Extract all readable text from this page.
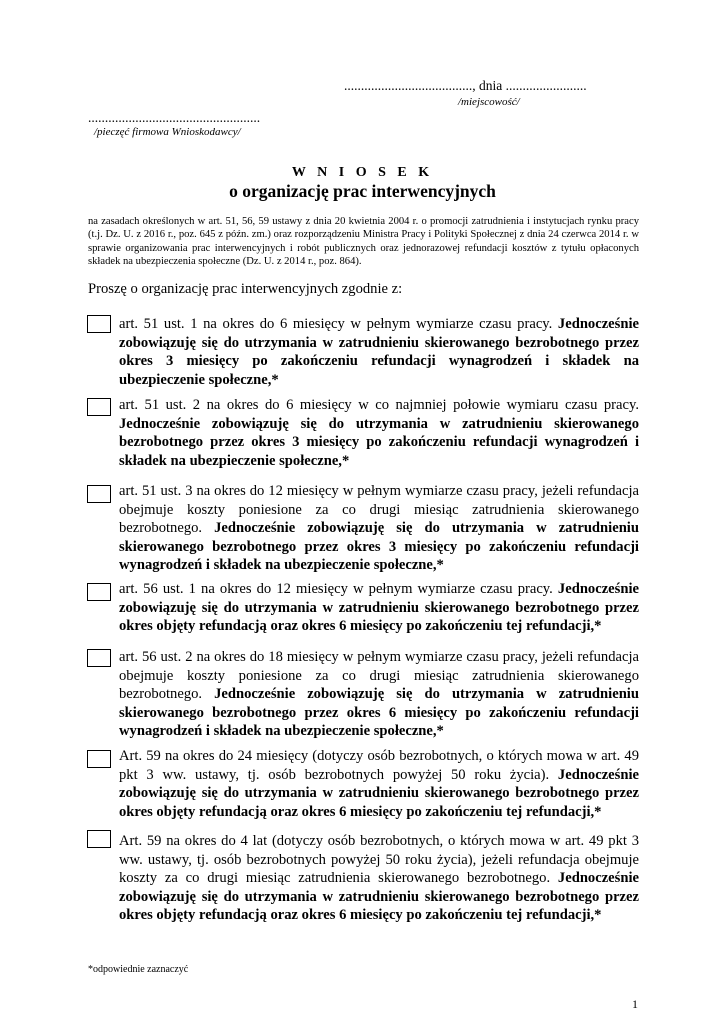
......................................, dnia ........................
/miejscowość/
...................................................
/pieczęć firmowa Wnioskodawcy/
W N I O S E K
o organizację prac interwencyjnych
na zasadach określonych w art. 51, 56, 59 ustawy z dnia 20 kwietnia 2004 r. o promocji zatrudnienia i instytucjach rynku pracy (t.j. Dz. U. z 2016 r., poz. 645 z późn. zm.) oraz rozporządzeniu Ministra Pracy i Polityki Społecznej z dnia 24 czerwca 2014 r. w sprawie organizowania prac interwencyjnych i robót publicznych oraz jednorazowej refundacji kosztów z tytułu opłaconych składek na ubezpieczenia społeczne (Dz. U. z 2014 r., poz. 864).
Proszę o organizację prac interwencyjnych zgodnie z:
art. 51 ust. 1 na okres do 6 miesięcy w pełnym wymiarze czasu pracy. Jednocześnie zobowiązuję się do utrzymania w zatrudnieniu skierowanego bezrobotnego przez okres 3 miesięcy po zakończeniu refundacji wynagrodzeń i składek na ubezpieczenie społeczne,*
art. 51 ust. 2 na okres do 6 miesięcy w co najmniej połowie wymiaru czasu pracy. Jednocześnie zobowiązuję się do utrzymania w zatrudnieniu skierowanego bezrobotnego przez okres 3 miesięcy po zakończeniu refundacji wynagrodzeń i składek na ubezpieczenie społeczne,*
art. 51 ust. 3 na okres do 12 miesięcy w pełnym wymiarze czasu pracy, jeżeli refundacja obejmuje koszty poniesione za co drugi miesiąc zatrudnienia skierowanego bezrobotnego. Jednocześnie zobowiązuję się do utrzymania w zatrudnieniu skierowanego bezrobotnego przez okres 3 miesięcy po zakończeniu refundacji wynagrodzeń i składek na ubezpieczenie społeczne,*
art. 56 ust. 1 na okres do 12 miesięcy w pełnym wymiarze czasu pracy. Jednocześnie zobowiązuję się do utrzymania w zatrudnieniu skierowanego bezrobotnego przez okres objęty refundacją oraz okres 6 miesięcy po zakończeniu tej refundacji,*
art. 56 ust. 2 na okres do 18 miesięcy w pełnym wymiarze czasu pracy, jeżeli refundacja obejmuje koszty poniesione za co drugi miesiąc zatrudnienia skierowanego bezrobotnego. Jednocześnie zobowiązuję się do utrzymania w zatrudnieniu skierowanego bezrobotnego przez okres 6 miesięcy po zakończeniu refundacji wynagrodzeń i składek na ubezpieczenie społeczne,*
Art. 59 na okres do 24 miesięcy (dotyczy osób bezrobotnych, o których mowa w art. 49 pkt 3 ww. ustawy, tj. osób bezrobotnych powyżej 50 roku życia). Jednocześnie zobowiązuję się do utrzymania w zatrudnieniu skierowanego bezrobotnego przez okres objęty refundacją oraz okres 6 miesięcy po zakończeniu tej refundacji,*
Art. 59 na okres do 4 lat (dotyczy osób bezrobotnych, o których mowa w art. 49 pkt 3 ww. ustawy, tj. osób bezrobotnych powyżej 50 roku życia), jeżeli refundacja obejmuje koszty za co drugi miesiąc zatrudnienia skierowanego bezrobotnego. Jednocześnie zobowiązuję się do utrzymania w zatrudnieniu skierowanego bezrobotnego przez okres objęty refundacją oraz okres 6 miesięcy po zakończeniu tej refundacji,*
*odpowiednie zaznaczyć
1
